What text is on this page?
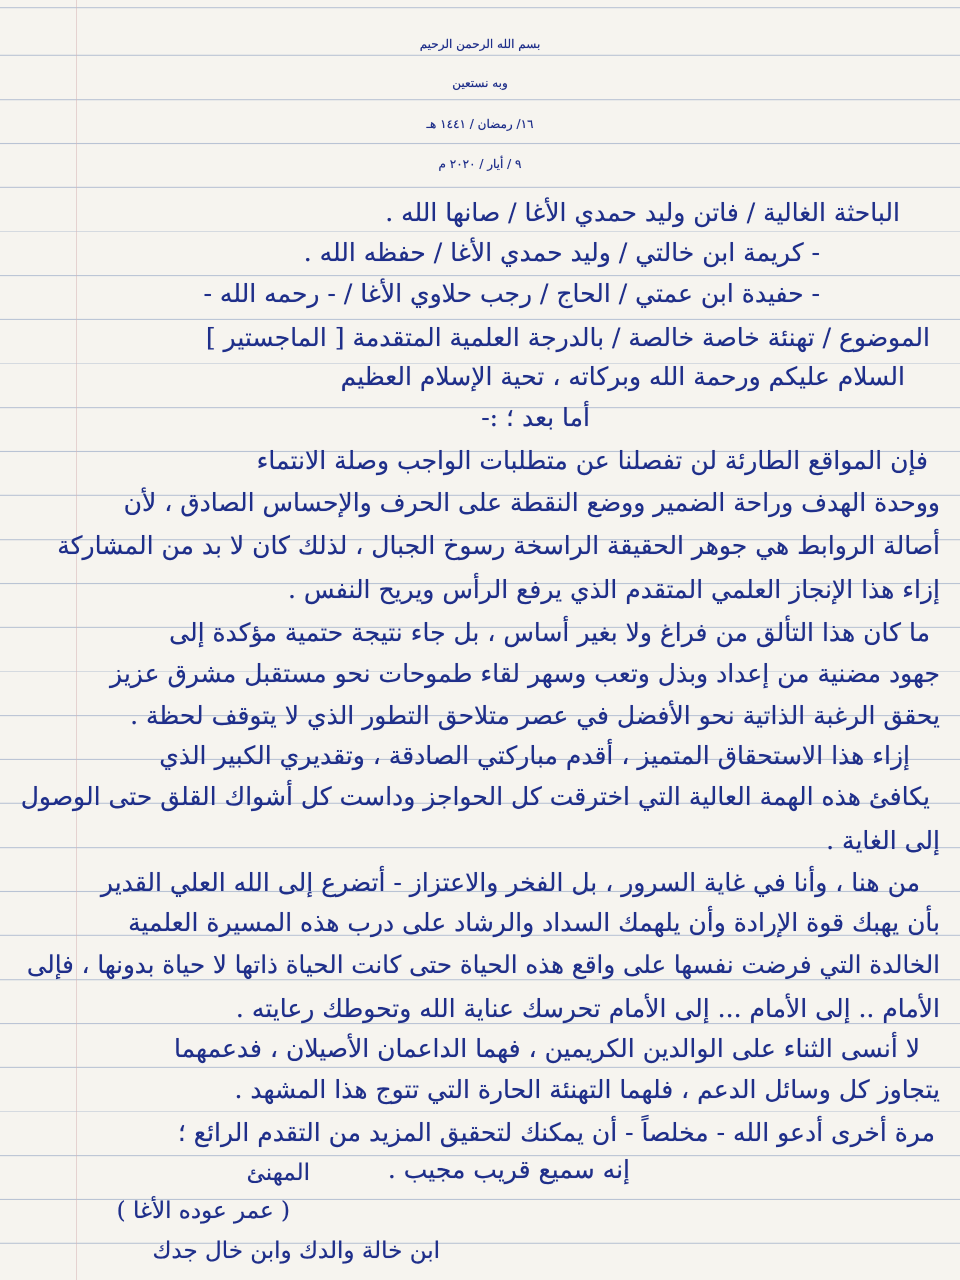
بسم الله الرحمن الرحيم
وبه نستعين
١٦/ رمضان / ١٤٤١ هـ
٩ / أيار / ٢٠٢٠ م
الباحثة الغالية / فاتن وليد حمدي الأغا / صانها الله .
- كريمة ابن خالتي / وليد حمدي الأغا / حفظه الله .
- حفيدة ابن عمتي / الحاج / رجب حلاوي الأغا / - رحمه الله -
الموضوع / تهنئة خاصة خالصة / بالدرجة العلمية المتقدمة [ الماجستير ]
السلام عليكم ورحمة الله وبركاته ، تحية الإسلام العظيم
أما بعد ؛ :-
فإن المواقع الطارئة لن تفصلنا عن متطلبات الواجب وصلة الانتماء
ووحدة الهدف وراحة الضمير ووضع النقطة على الحرف والإحساس الصادق ، لأن
أصالة الروابط هي جوهر الحقيقة الراسخة رسوخ الجبال ، لذلك كان لا بد من المشاركة
إزاء هذا الإنجاز العلمي المتقدم الذي يرفع الرأس ويريح النفس .
ما كان هذا التألق من فراغ ولا بغير أساس ، بل جاء نتيجة حتمية مؤكدة إلى
جهود مضنية من إعداد وبذل وتعب وسهر لقاء طموحات نحو مستقبل مشرق عزيز
يحقق الرغبة الذاتية نحو الأفضل في عصر متلاحق التطور الذي لا يتوقف لحظة .
إزاء هذا الاستحقاق المتميز ، أقدم مباركتي الصادقة ، وتقديري الكبير الذي
يكافئ هذه الهمة العالية التي اخترقت كل الحواجز وداست كل أشواك القلق حتى الوصول
إلى الغاية .
من هنا ، وأنا في غاية السرور ، بل الفخر والاعتزاز - أتضرع إلى الله العلي القدير
بأن يهبك قوة الإرادة وأن يلهمك السداد والرشاد على درب هذه المسيرة العلمية
الخالدة التي فرضت نفسها على واقع هذه الحياة حتى كانت الحياة ذاتها لا حياة بدونها ، فإلى
الأمام .. إلى الأمام ... إلى الأمام تحرسك عناية الله وتحوطك رعايته .
لا أنسى الثناء على الوالدين الكريمين ، فهما الداعمان الأصيلان ، فدعمهما
يتجاوز كل وسائل الدعم ، فلهما التهنئة الحارة التي تتوج هذا المشهد .
مرة أخرى أدعو الله - مخلصاً - أن يمكنك لتحقيق المزيد من التقدم الرائع ؛
إنه سميع قريب مجيب .
المهنئ
( عمر عوده الأغا )
ابن خالة والدك وابن خال جدك
